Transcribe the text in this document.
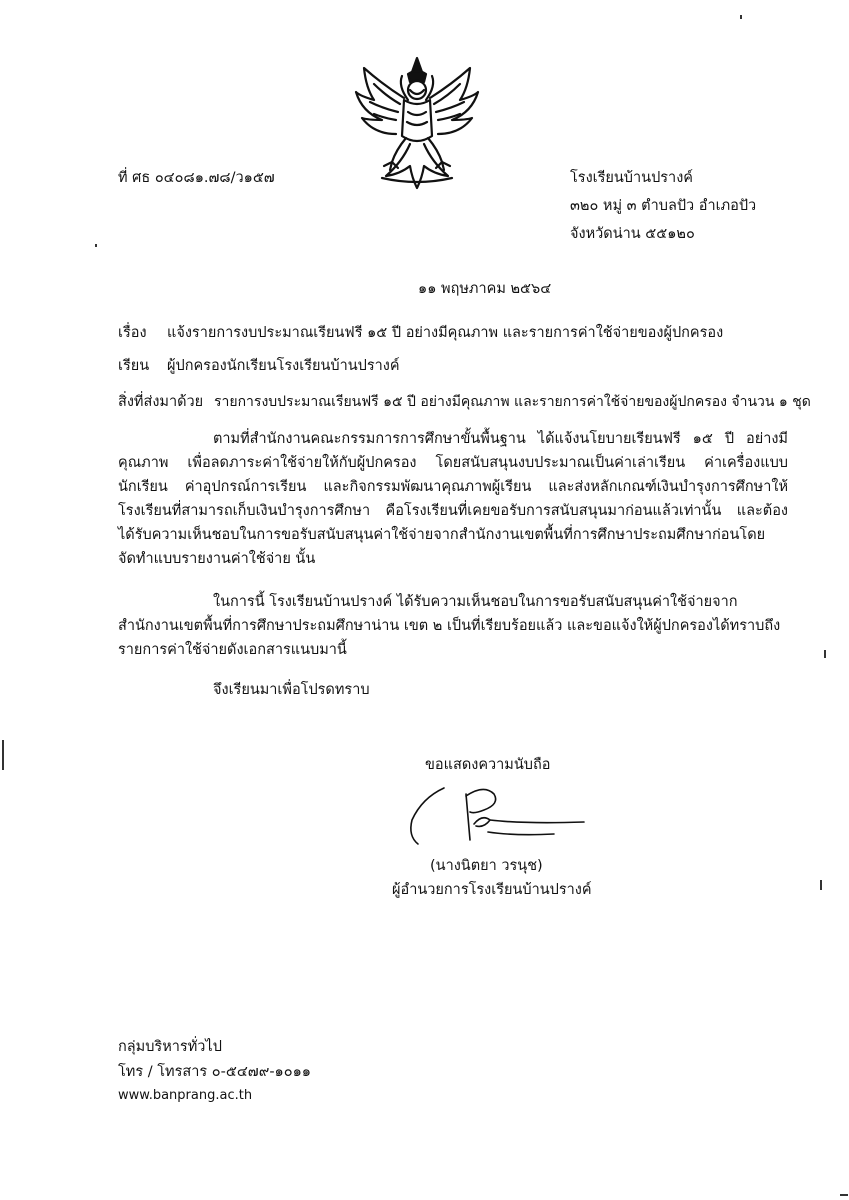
ที่ ศธ ๐๔๐๘๑.๗๘/ว๑๕๗	โรงเรียนบ้านปรางค์
๓๒๐ หมู่ ๓ ตำบลปัว อำเภอปัว
จังหวัดน่าน ๕๕๑๒๐
๑๑ พฤษภาคม ๒๕๖๔
เรื่อง แจ้งรายการงบประมาณเรียนฟรี ๑๕ ปี อย่างมีคุณภาพ และรายการค่าใช้จ่ายของผู้ปกครอง
เรียน ผู้ปกครองนักเรียนโรงเรียนบ้านปรางค์
สิ่งที่ส่งมาด้วย รายการงบประมาณเรียนฟรี ๑๕ ปี อย่างมีคุณภาพ และรายการค่าใช้จ่ายของผู้ปกครอง จำนวน ๑ ชุด
ตามที่สำนักงานคณะกรรมการการศึกษาขั้นพื้นฐาน ได้แจ้งนโยบายเรียนฟรี ๑๕ ปี อย่างมี
คุณภาพ เพื่อลดภาระค่าใช้จ่ายให้กับผู้ปกครอง โดยสนับสนุนงบประมาณเป็นค่าเล่าเรียน ค่าเครื่องแบบ
นักเรียน ค่าอุปกรณ์การเรียน และกิจกรรมพัฒนาคุณภาพผู้เรียน และส่งหลักเกณฑ์เงินบำรุงการศึกษาให้
โรงเรียนที่สามารถเก็บเงินบำรุงการศึกษา คือโรงเรียนที่เคยขอรับการสนับสนุนมาก่อนแล้วเท่านั้น และต้อง
ได้รับความเห็นชอบในการขอรับสนับสนุนค่าใช้จ่ายจากสำนักงานเขตพื้นที่การศึกษาประถมศึกษาก่อนโดย
จัดทำแบบรายงานค่าใช้จ่าย นั้น
ในการนี้ โรงเรียนบ้านปรางค์ ได้รับความเห็นชอบในการขอรับสนับสนุนค่าใช้จ่ายจาก
สำนักงานเขตพื้นที่การศึกษาประถมศึกษาน่าน เขต ๒ เป็นที่เรียบร้อยแล้ว และขอแจ้งให้ผู้ปกครองได้ทราบถึง
รายการค่าใช้จ่ายดังเอกสารแนบมานี้
จึงเรียนมาเพื่อโปรดทราบ
ขอแสดงความนับถือ
(นางนิตยา วรนุช)
ผู้อำนวยการโรงเรียนบ้านปรางค์
กลุ่มบริหารทั่วไป
โทร / โทรสาร ๐-๕๔๗๙-๑๐๑๑
www.banprang.ac.th
